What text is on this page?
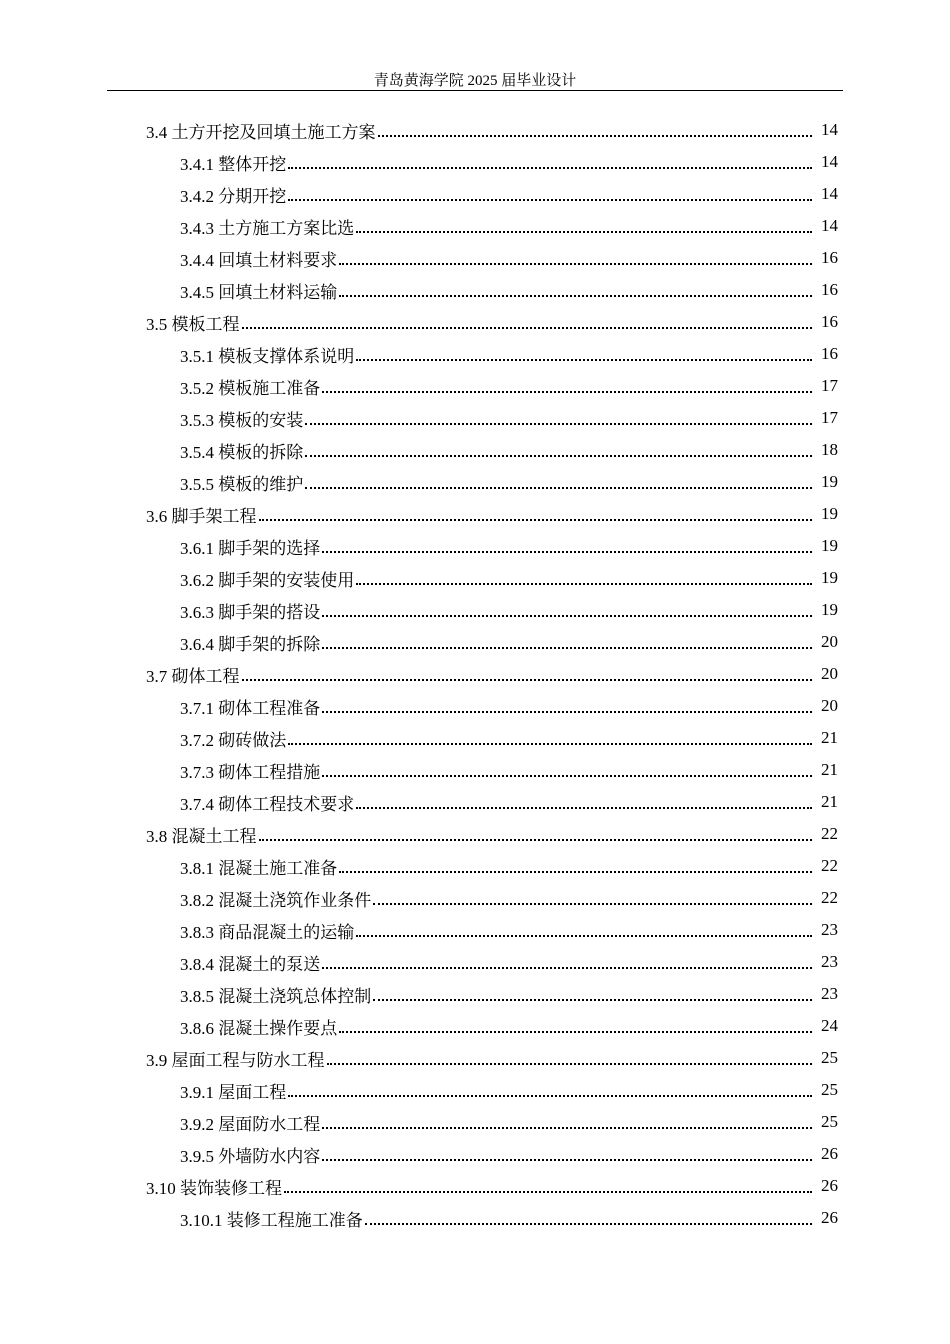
青岛黄海学院 2025 届毕业设计
3.4 土方开挖及回填土施工方案	14
3.4.1 整体开挖	14
3.4.2 分期开挖	14
3.4.3 土方施工方案比选	14
3.4.4 回填土材料要求	16
3.4.5 回填土材料运输	16
3.5 模板工程	16
3.5.1 模板支撑体系说明	16
3.5.2 模板施工准备	17
3.5.3 模板的安装	17
3.5.4 模板的拆除	18
3.5.5 模板的维护	19
3.6 脚手架工程	19
3.6.1 脚手架的选择	19
3.6.2 脚手架的安装使用	19
3.6.3 脚手架的搭设	19
3.6.4 脚手架的拆除	20
3.7 砌体工程	20
3.7.1 砌体工程准备	20
3.7.2 砌砖做法	21
3.7.3 砌体工程措施	21
3.7.4 砌体工程技术要求	21
3.8 混凝土工程	22
3.8.1 混凝土施工准备	22
3.8.2 混凝土浇筑作业条件	22
3.8.3 商品混凝土的运输	23
3.8.4 混凝土的泵送	23
3.8.5 混凝土浇筑总体控制	23
3.8.6 混凝土操作要点	24
3.9 屋面工程与防水工程	25
3.9.1 屋面工程	25
3.9.2 屋面防水工程	25
3.9.5 外墙防水内容	26
3.10 装饰装修工程	26
3.10.1 装修工程施工准备	26
